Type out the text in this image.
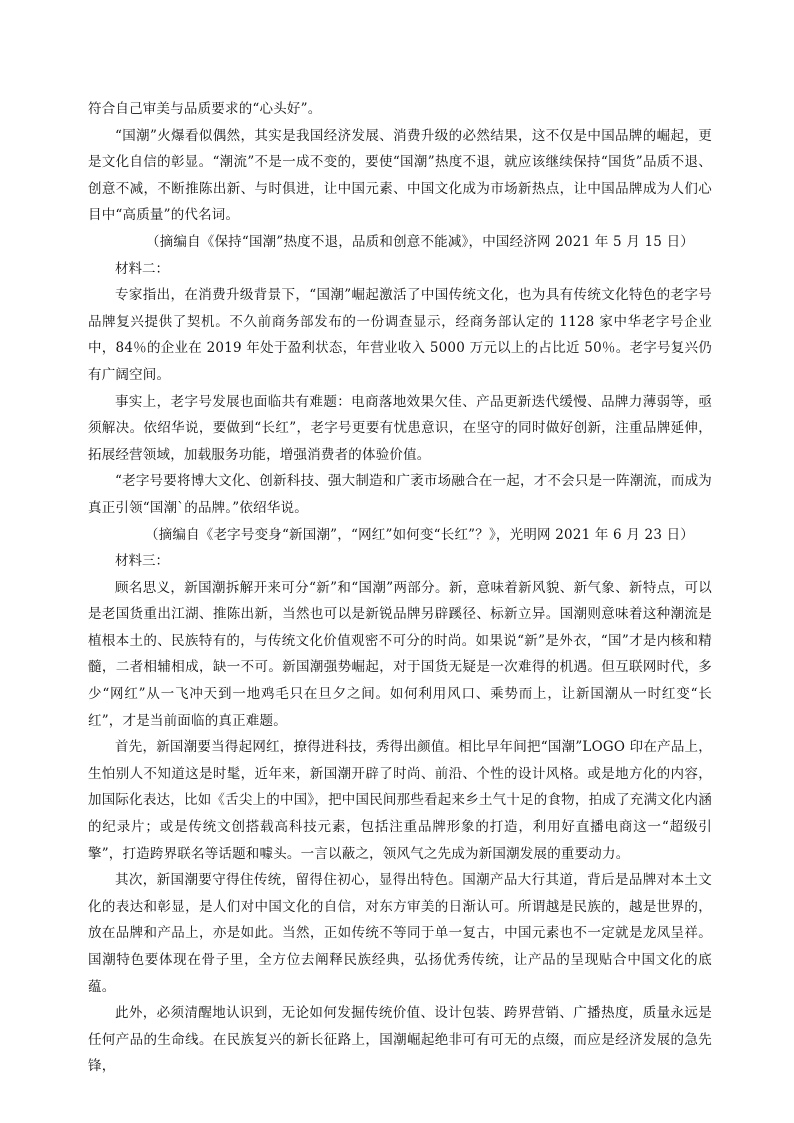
符合自己审美与品质要求的“心头好”。

“国潮”火爆看似偶然，其实是我国经济发展、消费升级的必然结果，这不仅是中国品牌的崛起，更是文化自信的彰显。“潮流”不是一成不变的，要使“国潮”热度不退，就应该继续保持“国货”品质不退、创意不减，不断推陈出新、与时俱进，让中国元素、中国文化成为市场新热点，让中国品牌成为人们心目中“高质量”的代名词。

（摘编自《保持“国潮”热度不退，品质和创意不能减》，中国经济网 2021 年 5 月 15 日）

材料二：

专家指出，在消费升级背景下，“国潮”崛起激活了中国传统文化，也为具有传统文化特色的老字号品牌复兴提供了契机。不久前商务部发布的一份调查显示，经商务部认定的 1128 家中华老字号企业中，84％的企业在 2019 年处于盈利状态，年营业收入 5000 万元以上的占比近 50％。老字号复兴仍有广阔空间。

事实上，老字号发展也面临共有难题：电商落地效果欠佳、产品更新迭代缓慢、品牌力薄弱等，亟须解决。依绍华说，要做到“长红”，老字号更要有忧患意识，在坚守的同时做好创新，注重品牌延伸，拓展经营领域，加载服务功能，增强消费者的体验价值。

“老字号要将博大文化、创新科技、强大制造和广袤市场融合在一起，才不会只是一阵潮流，而成为真正引领“国潮`的品牌。”依绍华说。

（摘编自《老字号变身“新国潮”，“网红”如何变“长红”？》，光明网 2021 年 6 月 23 日）

材料三：

顾名思义，新国潮拆解开来可分“新”和“国潮”两部分。新，意味着新风貌、新气象、新特点，可以是老国货重出江湖、推陈出新，当然也可以是新锐品牌另辟蹊径、标新立异。国潮则意味着这种潮流是植根本土的、民族特有的，与传统文化价值观密不可分的时尚。如果说“新”是外衣，“国”才是内核和精髓，二者相辅相成，缺一不可。新国潮强势崛起，对于国货无疑是一次难得的机遇。但互联网时代，多少“网红”从一飞冲天到一地鸡毛只在旦夕之间。如何利用风口、乘势而上，让新国潮从一时红变“长红”，才是当前面临的真正难题。

首先，新国潮要当得起网红，撩得进科技，秀得出颜值。相比早年间把“国潮”LOGO 印在产品上，生怕别人不知道这是时髦，近年来，新国潮开辟了时尚、前沿、个性的设计风格。或是地方化的内容，加国际化表达，比如《舌尖上的中国》，把中国民间那些看起来乡土气十足的食物，拍成了充满文化内涵的纪录片；或是传统文创搭载高科技元素，包括注重品牌形象的打造，利用好直播电商这一“超级引擎”，打造跨界联名等话题和噱头。一言以蔽之，领风气之先成为新国潮发展的重要动力。

其次，新国潮要守得住传统，留得住初心，显得出特色。国潮产品大行其道，背后是品牌对本土文化的表达和彰显，是人们对中国文化的自信，对东方审美的日渐认可。所谓越是民族的，越是世界的，放在品牌和产品上，亦是如此。当然，正如传统不等同于单一复古，中国元素也不一定就是龙凤呈祥。国潮特色要体现在骨子里，全方位去阐释民族经典，弘扬优秀传统，让产品的呈现贴合中国文化的底蕴。

此外，必须清醒地认识到，无论如何发掘传统价值、设计包装、跨界营销、广播热度，质量永远是任何产品的生命线。在民族复兴的新长征路上，国潮崛起绝非可有可无的点缀，而应是经济发展的急先锋，
